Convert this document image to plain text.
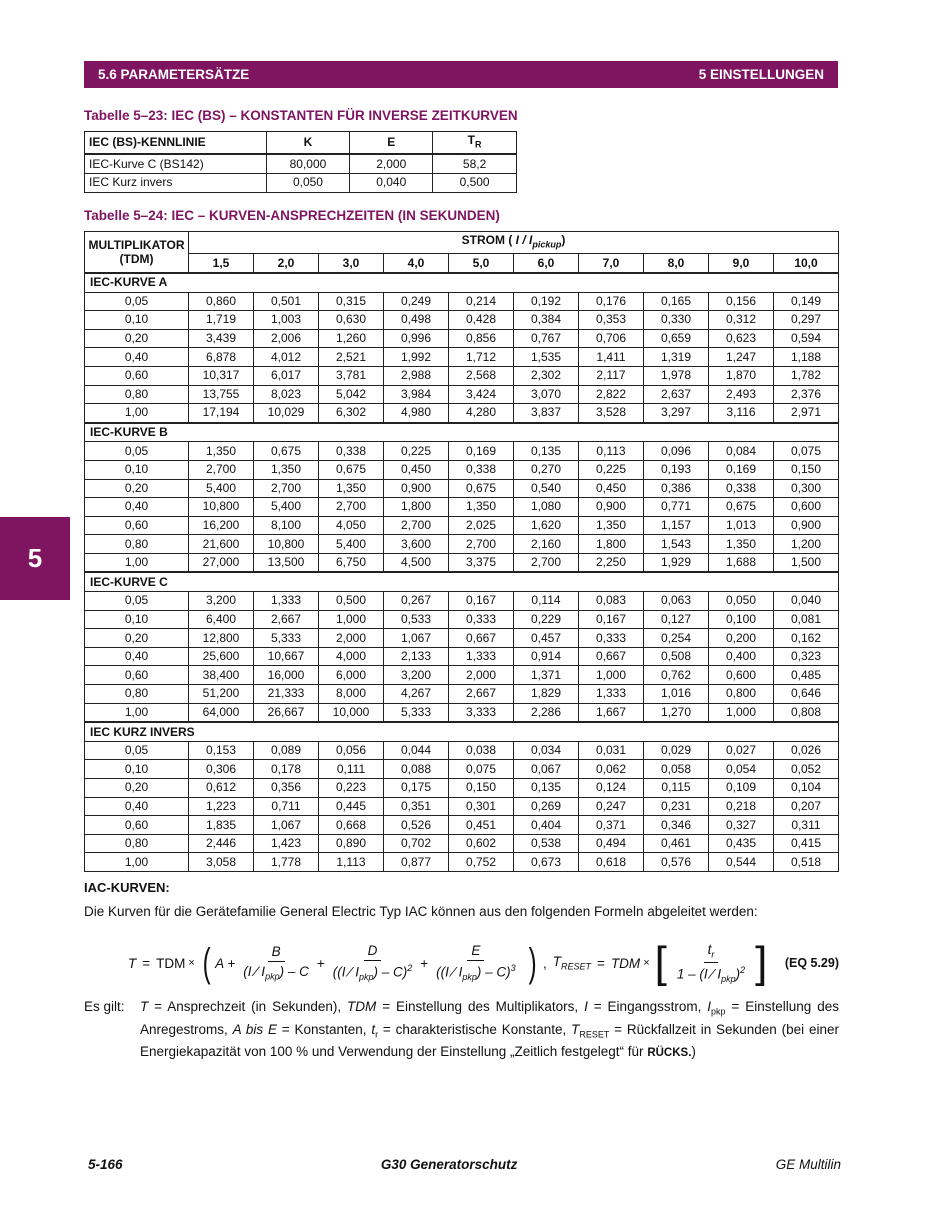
5.6 PARAMETERSÄTZE	5 EINSTELLUNGEN
5
Tabelle 5–23: IEC (BS) – KONSTANTEN FÜR INVERSE ZEITKURVEN
IEC (BS)-KENNLINIE	K	E	$T_R$
IEC-Kurve C (BS142)	80,000	2,000	58,2
IEC Kurz invers	0,050	0,040	0,500
Tabelle 5–24: IEC – KURVEN-ANSPRECHZEITEN (IN SEKUNDEN)
MULTIPLIKATOR
(TDM)	STROM ( I / $I_{pickup}$)									
	1,5	2,0	3,0	4,0	5,0	6,0	7,0	8,0	9,0	10,0
IEC-KURVE A										
0,05	0,860	0,501	0,315	0,249	0,214	0,192	0,176	0,165	0,156	0,149
0,10	1,719	1,003	0,630	0,498	0,428	0,384	0,353	0,330	0,312	0,297
0,20	3,439	2,006	1,260	0,996	0,856	0,767	0,706	0,659	0,623	0,594
0,40	6,878	4,012	2,521	1,992	1,712	1,535	1,411	1,319	1,247	1,188
0,60	10,317	6,017	3,781	2,988	2,568	2,302	2,117	1,978	1,870	1,782
0,80	13,755	8,023	5,042	3,984	3,424	3,070	2,822	2,637	2,493	2,376
1,00	17,194	10,029	6,302	4,980	4,280	3,837	3,528	3,297	3,116	2,971
IEC-KURVE B										
0,05	1,350	0,675	0,338	0,225	0,169	0,135	0,113	0,096	0,084	0,075
0,10	2,700	1,350	0,675	0,450	0,338	0,270	0,225	0,193	0,169	0,150
0,20	5,400	2,700	1,350	0,900	0,675	0,540	0,450	0,386	0,338	0,300
0,40	10,800	5,400	2,700	1,800	1,350	1,080	0,900	0,771	0,675	0,600
0,60	16,200	8,100	4,050	2,700	2,025	1,620	1,350	1,157	1,013	0,900
0,80	21,600	10,800	5,400	3,600	2,700	2,160	1,800	1,543	1,350	1,200
1,00	27,000	13,500	6,750	4,500	3,375	2,700	2,250	1,929	1,688	1,500
IEC-KURVE C										
0,05	3,200	1,333	0,500	0,267	0,167	0,114	0,083	0,063	0,050	0,040
0,10	6,400	2,667	1,000	0,533	0,333	0,229	0,167	0,127	0,100	0,081
0,20	12,800	5,333	2,000	1,067	0,667	0,457	0,333	0,254	0,200	0,162
0,40	25,600	10,667	4,000	2,133	1,333	0,914	0,667	0,508	0,400	0,323
0,60	38,400	16,000	6,000	3,200	2,000	1,371	1,000	0,762	0,600	0,485
0,80	51,200	21,333	8,000	4,267	2,667	1,829	1,333	1,016	0,800	0,646
1,00	64,000	26,667	10,000	5,333	3,333	2,286	1,667	1,270	1,000	0,808
IEC KURZ INVERS										
0,05	0,153	0,089	0,056	0,044	0,038	0,034	0,031	0,029	0,027	0,026
0,10	0,306	0,178	0,111	0,088	0,075	0,067	0,062	0,058	0,054	0,052
0,20	0,612	0,356	0,223	0,175	0,150	0,135	0,124	0,115	0,109	0,104
0,40	1,223	0,711	0,445	0,351	0,301	0,269	0,247	0,231	0,218	0,207
0,60	1,835	1,067	0,668	0,526	0,451	0,404	0,371	0,346	0,327	0,311
0,80	2,446	1,423	0,890	0,702	0,602	0,538	0,494	0,461	0,435	0,415
1,00	3,058	1,778	1,113	0,877	0,752	0,673	0,618	0,576	0,544	0,518
IAC-KURVEN:
Die Kurven für die Gerätefamilie General Electric Typ IAC können aus den folgenden Formeln abgeleitet werden:
T = TDM × ( $A + \frac{B}{(I ⁄ I_{pkp}) - C} + \frac{D}{((I ⁄ I_{pkp}) - C)^2} + \frac{E}{((I ⁄ I_{pkp}) - C)^3}$ ) , $T_{RESET}$ = TDM × [ $\frac{t_r}{1 - (I ⁄ I_{pkp})^2}$ ] (EQ 5.29)
Es gilt:	T = Ansprechzeit (in Sekunden), TDM = Einstellung des Multiplikators, I = Eingangsstrom, $I_{pkp}$ = Einstellung des Anregestroms, A bis E = Konstanten, $t_r$ = charakteristische Konstante, $T_{RESET}$ = Rückfallzeit in Sekunden (bei einer Energiekapazität von 100 % und Verwendung der Einstellung „Zeitlich festgelegt“ für RÜCKS.)
5-166	G30 Generatorschutz	GE Multilin
